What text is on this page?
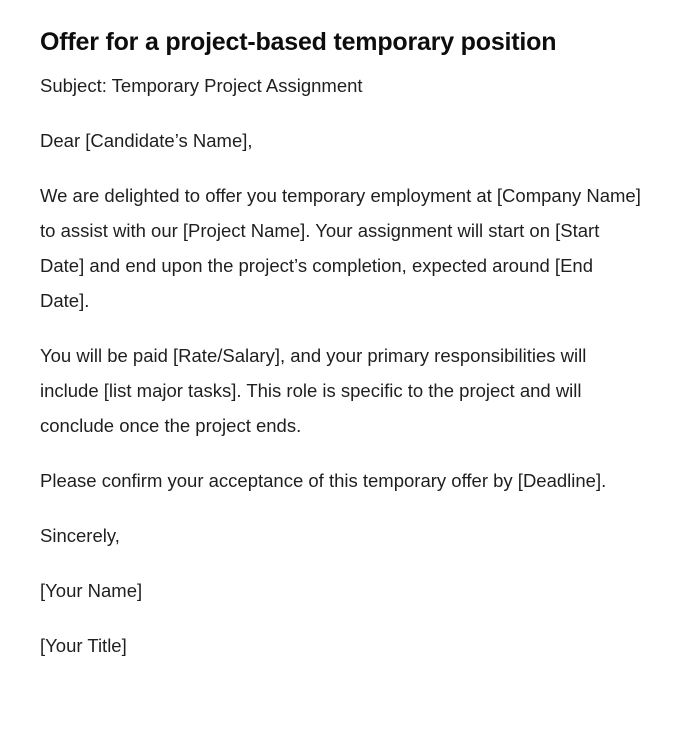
Offer for a project-based temporary position

Subject: Temporary Project Assignment

Dear [Candidate’s Name],

We are delighted to offer you temporary employment at [Company Name] to assist with our [Project Name]. Your assignment will start on [Start Date] and end upon the project’s completion, expected around [End Date].

You will be paid [Rate/Salary], and your primary responsibilities will include [list major tasks]. This role is specific to the project and will conclude once the project ends.

Please confirm your acceptance of this temporary offer by [Deadline].

Sincerely,

[Your Name]

[Your Title]
